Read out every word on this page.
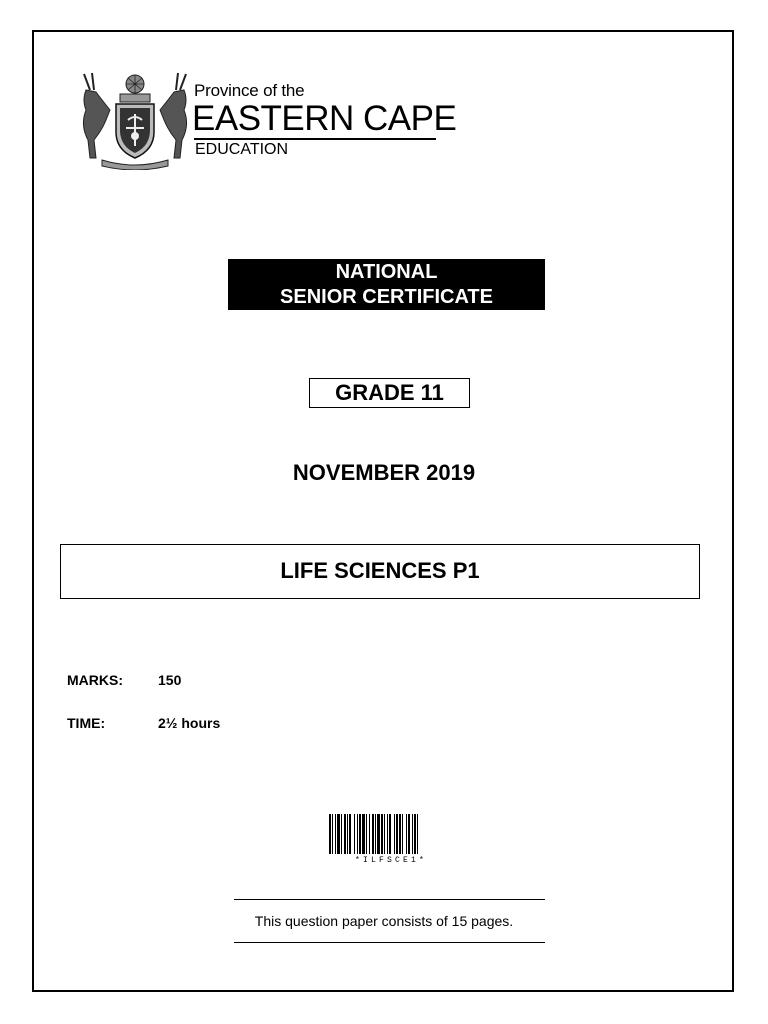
Province of the
EASTERN CAPE
EDUCATION
NATIONAL
SENIOR CERTIFICATE
GRADE 11
NOVEMBER 2019
LIFE SCIENCES P1
MARKS:	150
TIME:	2½ hours
*ILFSCE1*
This question paper consists of 15 pages.
